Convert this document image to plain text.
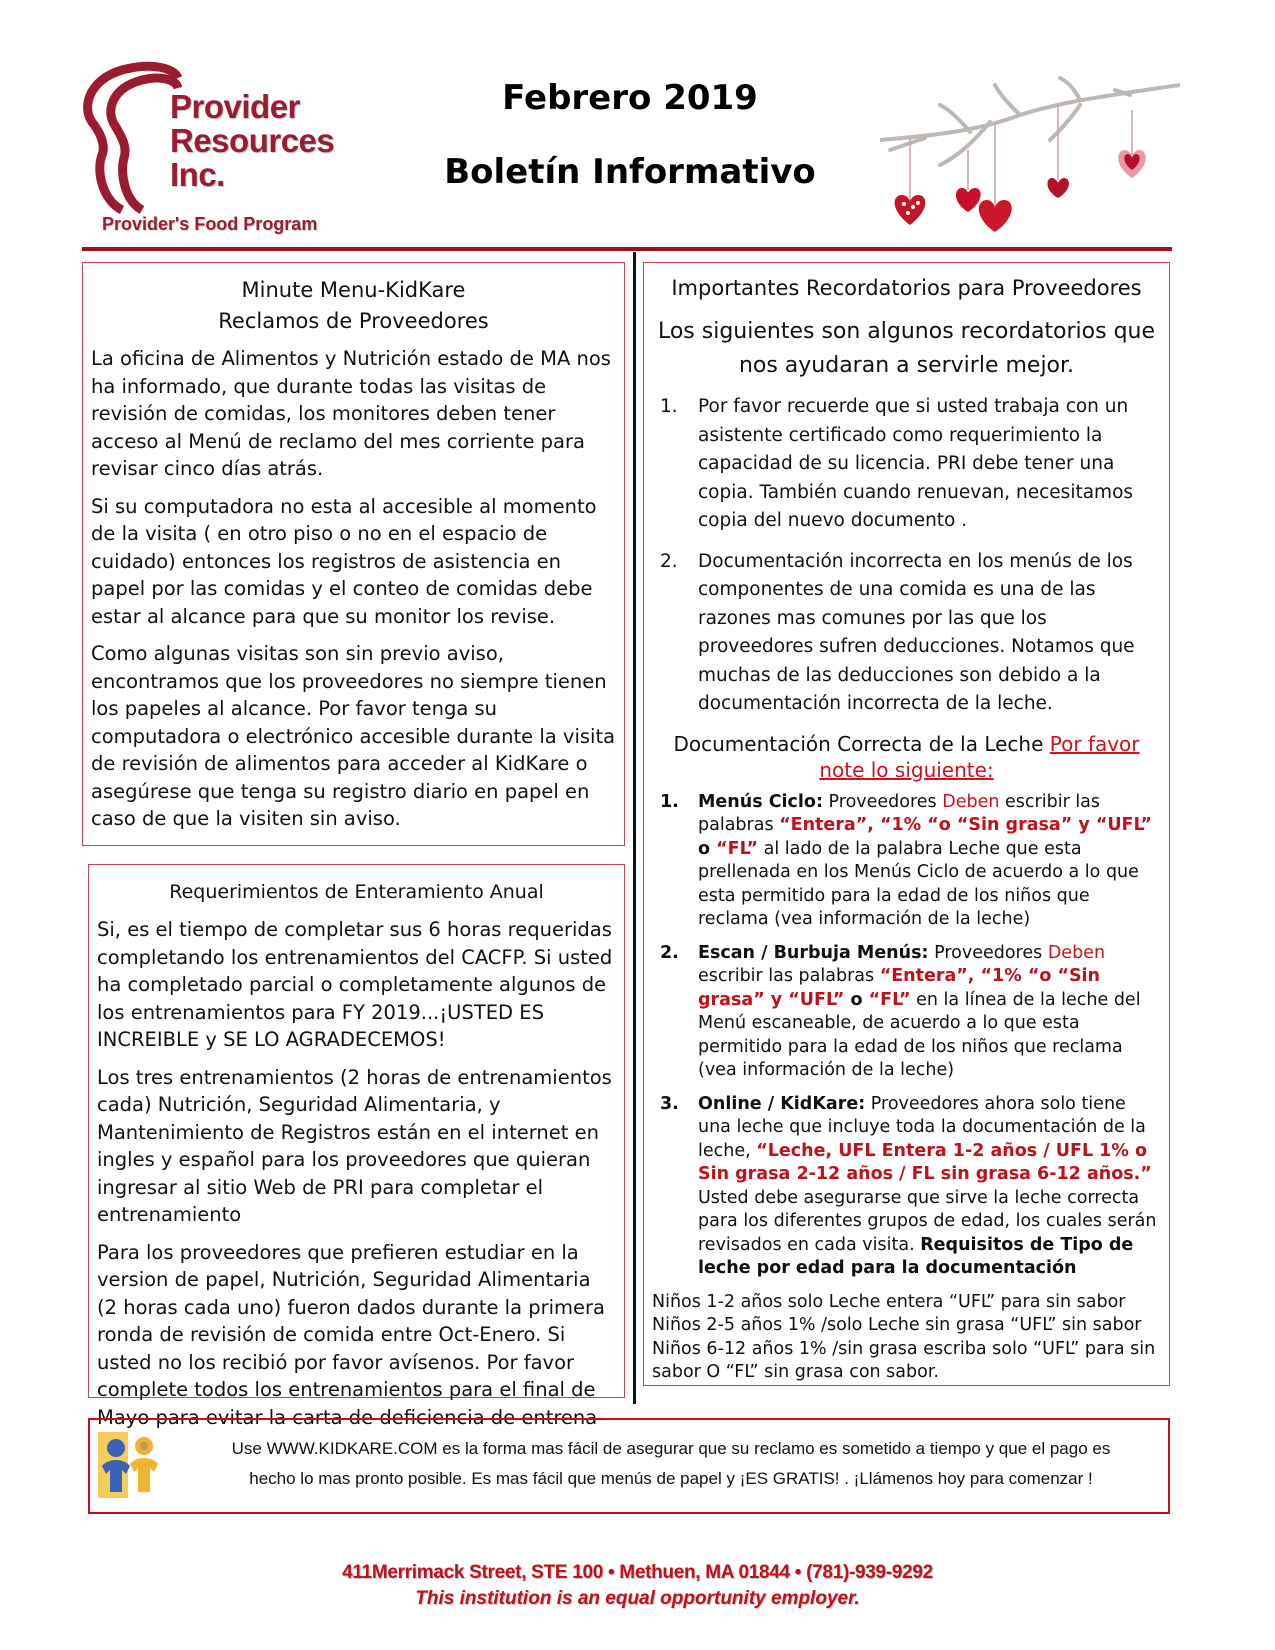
Provider
Resources
Inc.
Provider's Food Program
Febrero 2019
Boletín Informativo
Minute Menu-KidKare
Reclamos de Proveedores

La oficina de Alimentos y Nutrición estado de MA nos ha informado, que durante todas las visitas de revisión de comidas, los monitores deben tener acceso al Menú de reclamo del mes corriente para revisar cinco días atrás.

Si su computadora no esta al accesible al momento de la visita ( en otro piso o no en el espacio de cuidado) entonces los registros de asistencia en papel por las comidas y el conteo de comidas debe estar al alcance para que su monitor los revise.

Como algunas visitas son sin previo aviso, encontramos que los proveedores no siempre tienen los papeles al alcance. Por favor tenga su computadora o electrónico accesible durante la visita de revisión de alimentos para acceder al KidKare o asegúrese que tenga su registro diario en papel en caso de que la visiten sin aviso.

Requerimientos de Enteramiento Anual

Si, es el tiempo de completar sus 6 horas requeridas completando los entrenamientos del CACFP. Si usted ha completado parcial o completamente algunos de los entrenamientos para FY 2019...¡USTED ES INCREIBLE y SE LO AGRADECEMOS!

Los tres entrenamientos (2 horas de entrenamientos cada) Nutrición, Seguridad Alimentaria, y Mantenimiento de Registros están en el internet en ingles y español para los proveedores que quieran ingresar al sitio Web de PRI para completar el entrenamiento

Para los proveedores que prefieren estudiar en la version de papel, Nutrición, Seguridad Alimentaria (2 horas cada uno) fueron dados durante la primera ronda de revisión de comida entre Oct-Enero. Si usted no los recibió por favor avísenos. Por favor complete todos los entrenamientos para el final de Mayo para evitar la carta de deficiencia de entrena-

Importantes Recordatorios para Proveedores
Los siguientes son algunos recordatorios que nos ayudaran a servirle mejor.
1. Por favor recuerde que si usted trabaja con un asistente certificado como requerimiento la capacidad de su licencia. PRI debe tener una copia. También cuando renuevan, necesitamos copia del nuevo documento .
2. Documentación incorrecta en los menús de los componentes de una comida es una de las razones mas comunes por las que los proveedores sufren deducciones. Notamos que muchas de las deducciones son debido a la documentación incorrecta de la leche.
Documentación Correcta de la Leche Por favor note lo siguiente:
1. Menús Ciclo: Proveedores Deben escribir las palabras “Entera”, “1% “o “Sin grasa” y “UFL” o “FL” al lado de la palabra Leche que esta prellenada en los Menús Ciclo de acuerdo a lo que esta permitido para la edad de los niños que reclama (vea información de la leche)
2. Escan / Burbuja Menús: Proveedores Deben escribir las palabras “Entera”, “1% “o “Sin grasa” y “UFL” o “FL” en la línea de la leche del Menú escaneable, de acuerdo a lo que esta permitido para la edad de los niños que reclama (vea información de la leche)
3. Online / KidKare: Proveedores ahora solo tiene una leche que incluye toda la documentación de la leche, “Leche, UFL Entera 1-2 años / UFL 1% o Sin grasa 2-12 años / FL sin grasa 6-12 años.” Usted debe asegurarse que sirve la leche correcta para los diferentes grupos de edad, los cuales serán revisados en cada visita. Requisitos de Tipo de leche por edad para la documentación
Niños 1-2 años solo Leche entera “UFL” para sin sabor
Niños 2-5 años 1% /solo Leche sin grasa “UFL” sin sabor
Niños 6-12 años 1% /sin grasa escriba solo “UFL” para sin
sabor O “FL” sin grasa con sabor.
Use WWW.KIDKARE.COM es la forma mas fácil de asegurar que su reclamo es sometido a tiempo y que el pago es
hecho lo mas pronto posible. Es mas fácil que menús de papel y ¡ES GRATIS! . ¡Llámenos hoy para comenzar !
411Merrimack Street, STE 100 • Methuen, MA 01844 • (781)-939-9292
This institution is an equal opportunity employer.
